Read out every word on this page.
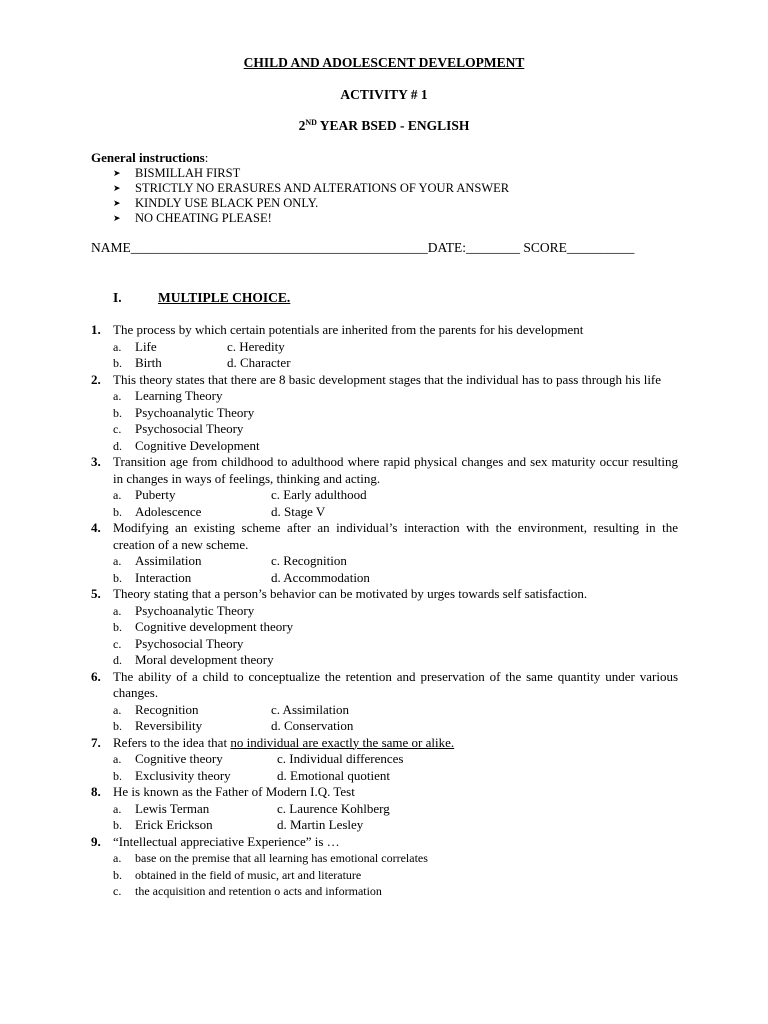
CHILD AND ADOLESCENT DEVELOPMENT
ACTIVITY # 1
2ND YEAR BSED - ENGLISH
General instructions:
➤ BISMILLAH FIRST
➤ STRICTLY NO ERASURES AND ALTERATIONS OF YOUR ANSWER
➤ KINDLY USE BLACK PEN ONLY.
➤ NO CHEATING PLEASE!
NAME____________________________________________DATE:________ SCORE__________
I.	MULTIPLE CHOICE.
1. The process by which certain potentials are inherited from the parents for his development
a.	Life	c. Heredity
b.	Birth	d. Character
2. This theory states that there are 8 basic development stages that the individual has to pass through his life
a.	Learning Theory
b.	Psychoanalytic Theory
c.	Psychosocial Theory
d.	Cognitive Development
3. Transition age from childhood to adulthood where rapid physical changes and sex maturity occur resulting in changes in ways of feelings, thinking and acting.
a.	Puberty	c. Early adulthood
b.	Adolescence	d. Stage V
4. Modifying an existing scheme after an individual’s interaction with the environment, resulting in the creation of a new scheme.
a.	Assimilation	c. Recognition
b.	Interaction	d. Accommodation
5. Theory stating that a person’s behavior can be motivated by urges towards self satisfaction.
a.	Psychoanalytic Theory
b.	Cognitive development theory
c.	Psychosocial Theory
d.	Moral development theory
6. The ability of a child to conceptualize the retention and preservation of the same quantity under various changes.
a.	Recognition	c. Assimilation
b.	Reversibility	d. Conservation
7. Refers to the idea that no individual are exactly the same or alike.
a.	Cognitive theory	c. Individual differences
b.	Exclusivity theory	d. Emotional quotient
8. He is known as the Father of Modern I.Q. Test
a.	Lewis Terman	c. Laurence Kohlberg
b.	Erick Erickson	d. Martin Lesley
9. “Intellectual appreciative Experience” is …
a.	base on the premise that all learning has emotional correlates
b.	obtained in the field of music, art and literature
c.	the acquisition and retention o acts and information
